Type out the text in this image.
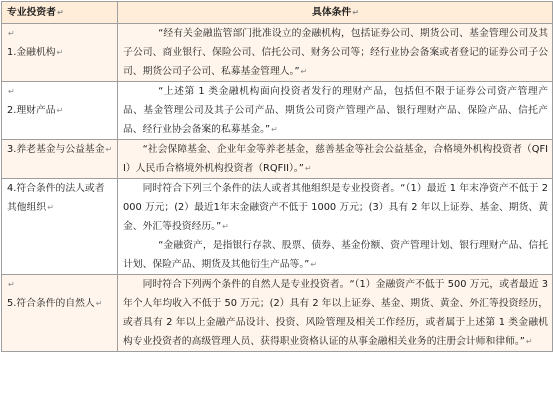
专业投资者↵	具体条件↵

↵
1.金融机构↵	“经有关金融监管部门批准设立的金融机构，包括证券公司、期货公司、基金管理公司及其子公司、商业银行、保险公司、信托公司、财务公司等；经行业协会备案或者登记的证券公司子公司、期货公司子公司、私募基金管理人。”↵

↵
2.理财产品↵	“上述第 1 类金融机构面向投资者发行的理财产品，包括但不限于证券公司资产管理产品、基金管理公司及其子公司产品、期货公司资产管理产品、银行理财产品、保险产品、信托产品、经行业协会备案的私募基金。”↵

3.养老基金与公益基金↵	“社会保障基金、企业年金等养老基金，慈善基金等社会公益基金，合格境外机构投资者（QFII）人民币合格境外机构投资者（RQFII）。”↵

4.符合条件的法人或者其他组织↵	同时符合下列三个条件的法人或者其他组织是专业投资者。“（1）最近 1 年末净资产不低于 2000 万元；(2）最近1年末金融资产不低于 1000 万元；(3）具有 2 年以上证券、基金、期货、黄金、外汇等投资经历。”↵
“金融资产，是指银行存款、股票、债券、基金份额、资产管理计划、银行理财产品、信托计划、保险产品、期货及其他衍生产品等。”↵

↵
5.符合条件的自然人↵	同时符合下列两个条件的自然人是专业投资者。“（1）金融资产不低于 500 万元，或者最近 3 年个人年均收入不低于 50 万元；(2）具有 2 年以上证券、基金、期货、黄金、外汇等投资经历，或者具有 2 年以上金融产品设计、投资、风险管理及相关工作经历，或者属于上述第 1 类金融机构专业投资者的高级管理人员、获得职业资格认证的从事金融相关业务的注册会计师和律师。”↵
